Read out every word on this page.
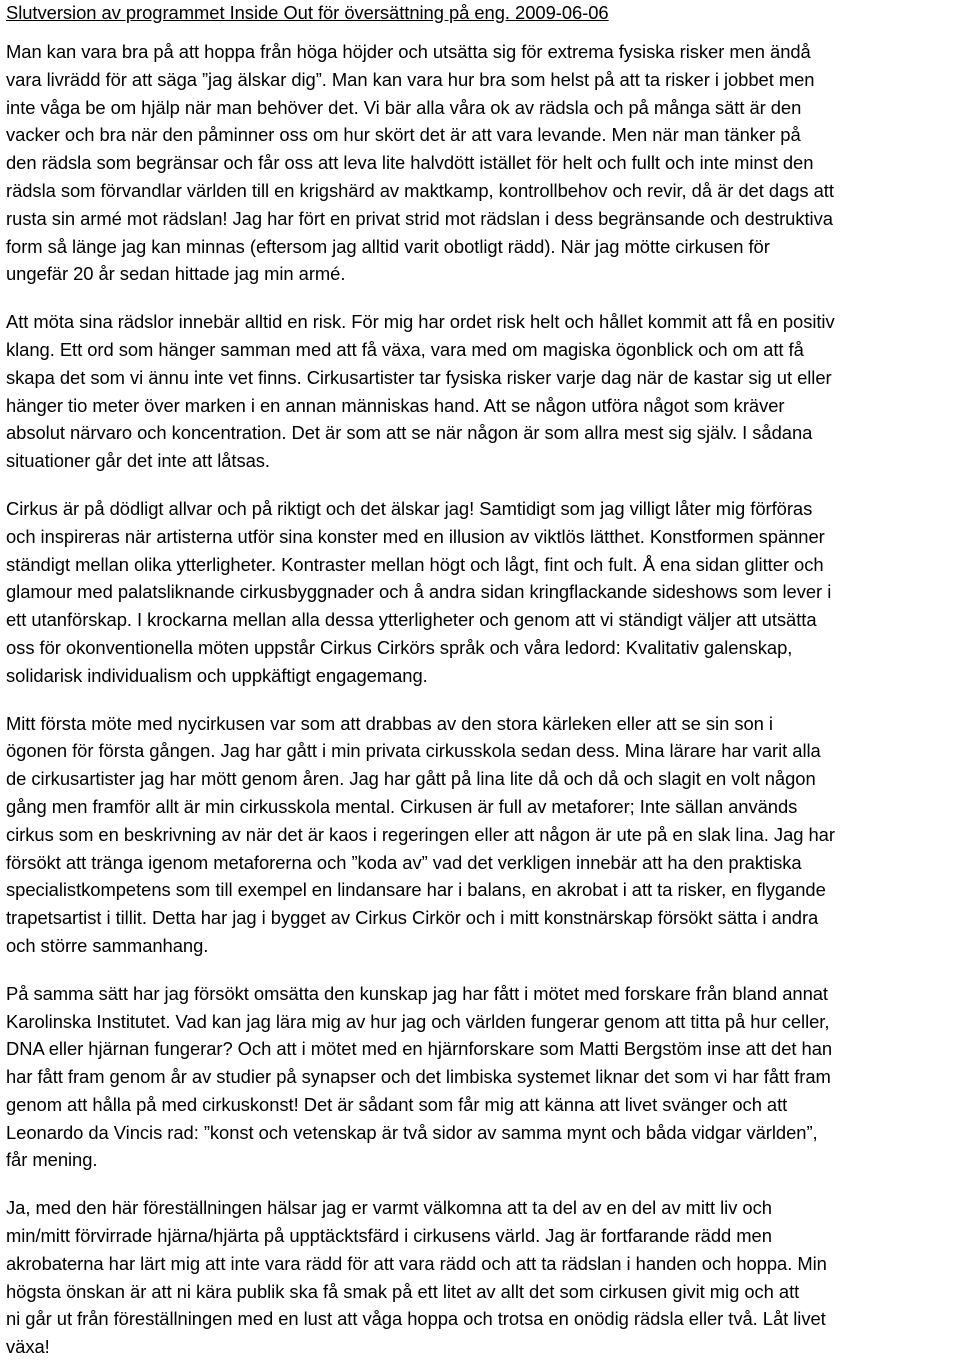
Slutversion av programmet Inside Out för översättning på eng. 2009-06-06

Man kan vara bra på att hoppa från höga höjder och utsätta sig för extrema fysiska risker men ändå
vara livrädd för att säga ”jag älskar dig”. Man kan vara hur bra som helst på att ta risker i jobbet men
inte våga be om hjälp när man behöver det. Vi bär alla våra ok av rädsla och på många sätt är den
vacker och bra när den påminner oss om hur skört det är att vara levande. Men när man tänker på
den rädsla som begränsar och får oss att leva lite halvdött istället för helt och fullt och inte minst den
rädsla som förvandlar världen till en krigshärd av maktkamp, kontrollbehov och revir, då är det dags att
rusta sin armé mot rädslan! Jag har fört en privat strid mot rädslan i dess begränsande och destruktiva
form så länge jag kan minnas (eftersom jag alltid varit obotligt rädd). När jag mötte cirkusen för
ungefär 20 år sedan hittade jag min armé.

Att möta sina rädslor innebär alltid en risk. För mig har ordet risk helt och hållet kommit att få en positiv
klang. Ett ord som hänger samman med att få växa, vara med om magiska ögonblick och om att få
skapa det som vi ännu inte vet finns. Cirkusartister tar fysiska risker varje dag när de kastar sig ut eller
hänger tio meter över marken i en annan människas hand. Att se någon utföra något som kräver
absolut närvaro och koncentration. Det är som att se när någon är som allra mest sig själv. I sådana
situationer går det inte att låtsas.

Cirkus är på dödligt allvar och på riktigt och det älskar jag! Samtidigt som jag villigt låter mig förföras
och inspireras när artisterna utför sina konster med en illusion av viktlös lätthet. Konstformen spänner
ständigt mellan olika ytterligheter. Kontraster mellan högt och lågt, fint och fult. Å ena sidan glitter och
glamour med palatsliknande cirkusbyggnader och å andra sidan kringflackande sideshows som lever i
ett utanförskap. I krockarna mellan alla dessa ytterligheter och genom att vi ständigt väljer att utsätta
oss för okonventionella möten uppstår Cirkus Cirkörs språk och våra ledord: Kvalitativ galenskap,
solidarisk individualism och uppkäftigt engagemang.

Mitt första möte med nycirkusen var som att drabbas av den stora kärleken eller att se sin son i
ögonen för första gången. Jag har gått i min privata cirkusskola sedan dess. Mina lärare har varit alla
de cirkusartister jag har mött genom åren. Jag har gått på lina lite då och då och slagit en volt någon
gång men framför allt är min cirkusskola mental. Cirkusen är full av metaforer; Inte sällan används
cirkus som en beskrivning av när det är kaos i regeringen eller att någon är ute på en slak lina. Jag har
försökt att tränga igenom metaforerna och ”koda av” vad det verkligen innebär att ha den praktiska
specialistkompetens som till exempel en lindansare har i balans, en akrobat i att ta risker, en flygande
trapetsartist i tillit. Detta har jag i bygget av Cirkus Cirkör och i mitt konstnärskap försökt sätta i andra
och större sammanhang.

På samma sätt har jag försökt omsätta den kunskap jag har fått i mötet med forskare från bland annat
Karolinska Institutet. Vad kan jag lära mig av hur jag och världen fungerar genom att titta på hur celler,
DNA eller hjärnan fungerar? Och att i mötet med en hjärnforskare som Matti Bergstöm inse att det han
har fått fram genom år av studier på synapser och det limbiska systemet liknar det som vi har fått fram
genom att hålla på med cirkuskonst! Det är sådant som får mig att känna att livet svänger och att
Leonardo da Vincis rad: ”konst och vetenskap är två sidor av samma mynt och båda vidgar världen”,
får mening.

Ja, med den här föreställningen hälsar jag er varmt välkomna att ta del av en del av mitt liv och
min/mitt förvirrade hjärna/hjärta på upptäcktsfärd i cirkusens värld. Jag är fortfarande rädd men
akrobaterna har lärt mig att inte vara rädd för att vara rädd och att ta rädslan i handen och hoppa. Min
högsta önskan är att ni kära publik ska få smak på ett litet av allt det som cirkusen givit mig och att
ni går ut från föreställningen med en lust att våga hoppa och trotsa en onödig rädsla eller två. Låt livet
växa!
